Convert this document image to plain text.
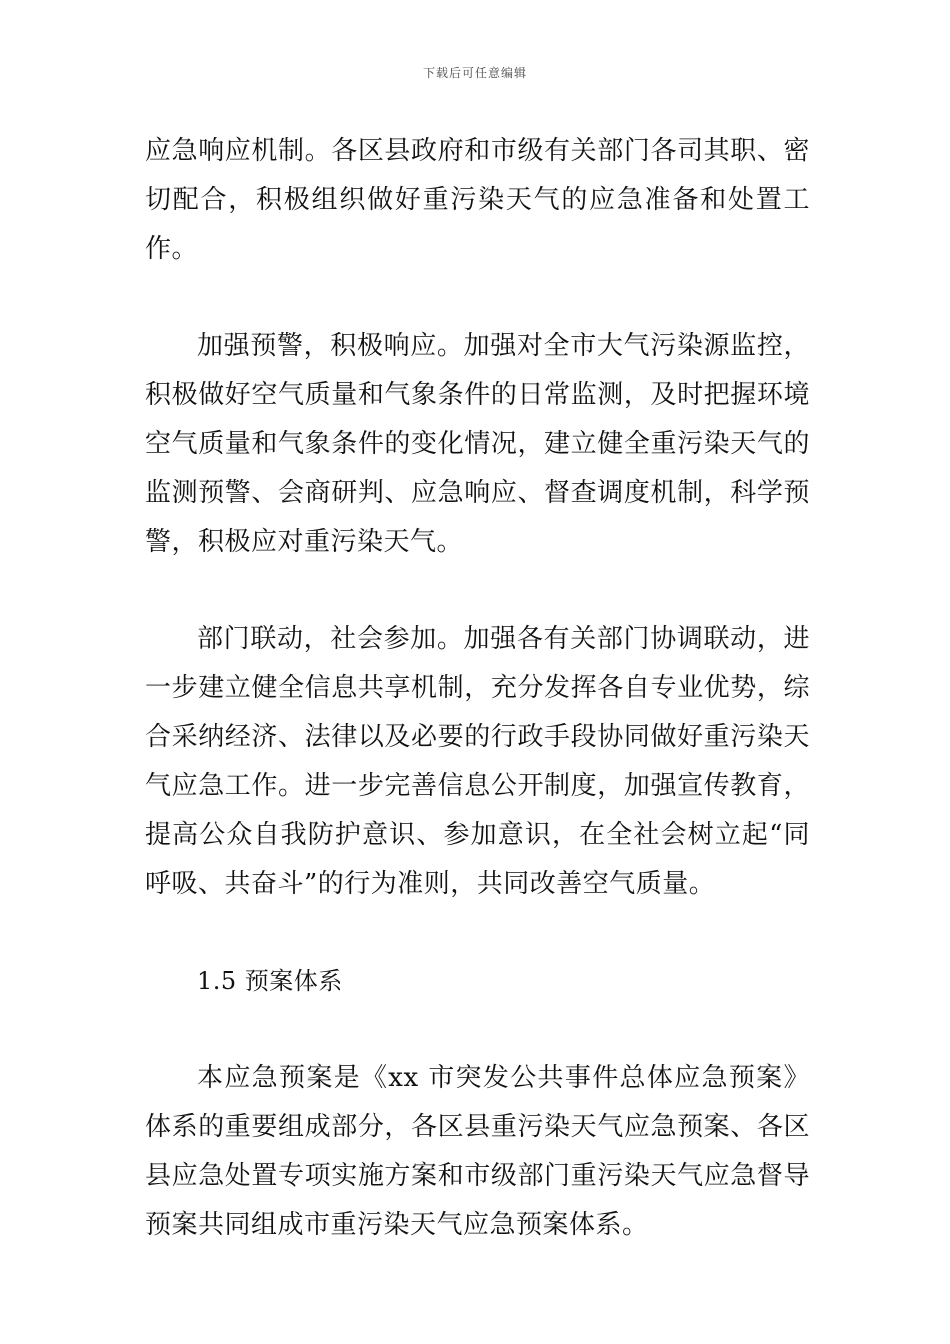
下载后可任意编辑

应急响应机制。各区县政府和市级有关部门各司其职、密切配合，积极组织做好重污染天气的应急准备和处置工作。

加强预警，积极响应。加强对全市大气污染源监控，积极做好空气质量和气象条件的日常监测，及时把握环境空气质量和气象条件的变化情况，建立健全重污染天气的监测预警、会商研判、应急响应、督查调度机制，科学预警，积极应对重污染天气。

部门联动，社会参加。加强各有关部门协调联动，进一步建立健全信息共享机制，充分发挥各自专业优势，综合采纳经济、法律以及必要的行政手段协同做好重污染天气应急工作。进一步完善信息公开制度，加强宣传教育，提高公众自我防护意识、参加意识，在全社会树立起“同呼吸、共奋斗”的行为准则，共同改善空气质量。

1.5 预案体系

本应急预案是《xx 市突发公共事件总体应急预案》体系的重要组成部分，各区县重污染天气应急预案、各区县应急处置专项实施方案和市级部门重污染天气应急督导预案共同组成市重污染天气应急预案体系。
